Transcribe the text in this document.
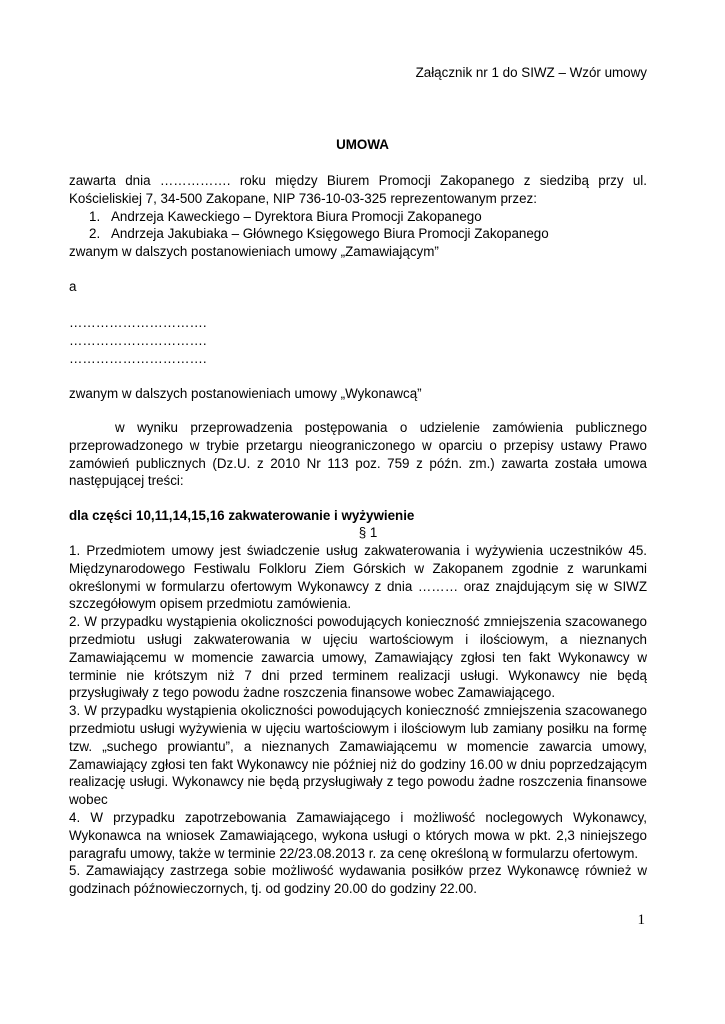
Załącznik nr 1 do SIWZ – Wzór umowy
UMOWA

zawarta dnia ……………. roku między Biurem Promocji Zakopanego z siedzibą przy ul.

Kościeliskiej 7, 34-500 Zakopane, NIP 736-10-03-325 reprezentowanym przez:

1. Andrzeja Kaweckiego – Dyrektora Biura Promocji Zakopanego
2. Andrzeja Jakubiaka – Głównego Księgowego Biura Promocji Zakopanego

zwanym w dalszych postanowieniach umowy „Zamawiającym”

a

………………………….

………………………….

………………………….

zwanym w dalszych postanowieniach umowy „Wykonawcą”

w wyniku przeprowadzenia postępowania o udzielenie zamówienia publicznego

przeprowadzonego w trybie przetargu nieograniczonego w oparciu o przepisy ustawy Prawo

zamówień publicznych (Dz.U. z 2010 Nr 113 poz. 759 z późn. zm.) zawarta została umowa

następującej treści:

dla części 10,11,14,15,16 zakwaterowanie i wyżywienie
§ 1

1. Przedmiotem umowy jest świadczenie usług zakwaterowania i wyżywienia uczestników 45.

Międzynarodowego Festiwalu Folkloru Ziem Górskich w Zakopanem zgodnie z warunkami

określonymi w formularzu ofertowym Wykonawcy z dnia ……… oraz znajdującym się w SIWZ

szczegółowym opisem przedmiotu zamówienia.

2. W przypadku wystąpienia okoliczności powodujących konieczność zmniejszenia szacowanego

przedmiotu usługi zakwaterowania w ujęciu wartościowym i ilościowym, a nieznanych

Zamawiającemu w momencie zawarcia umowy, Zamawiający zgłosi ten fakt Wykonawcy w

terminie nie krótszym niż 7 dni przed terminem realizacji usługi. Wykonawcy nie będą

przysługiwały z tego powodu żadne roszczenia finansowe wobec Zamawiającego.

3. W przypadku wystąpienia okoliczności powodujących konieczność zmniejszenia szacowanego

przedmiotu usługi wyżywienia w ujęciu wartościowym i ilościowym lub zamiany posiłku na formę

tzw. „suchego prowiantu”, a nieznanych Zamawiającemu w momencie zawarcia umowy,

Zamawiający zgłosi ten fakt Wykonawcy nie później niż do godziny 16.00 w dniu poprzedzającym

realizację usługi. Wykonawcy nie będą przysługiwały z tego powodu żadne roszczenia finansowe

wobec

4. W przypadku zapotrzebowania Zamawiającego i możliwość noclegowych Wykonawcy,

Wykonawca na wniosek Zamawiającego, wykona usługi o których mowa w pkt. 2,3 niniejszego

paragrafu umowy, także w terminie 22/23.08.2013 r. za cenę określoną w formularzu ofertowym.

5. Zamawiający zastrzega sobie możliwość wydawania posiłków przez Wykonawcę również w

godzinach późnowieczornych, tj. od godziny 20.00 do godziny 22.00.

1
